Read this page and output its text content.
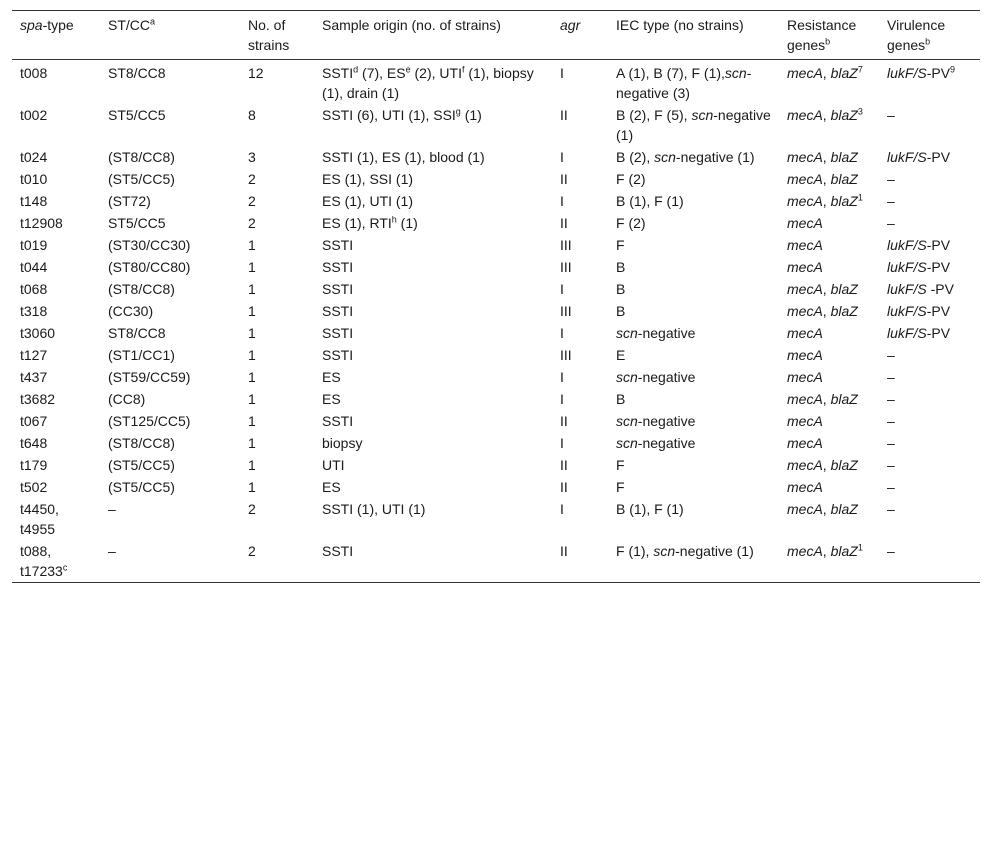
spa-type	$ST/CC^a$	No. of strains	Sample origin (no. of strains)	agr	IEC type (no strains)	Resistance genes$^b$	Virulence genes$^b$
t008	ST8/CC8	12	SSTI$^d$ (7), $ES^e$ (2), UTI$^f$ (1), biopsy (1), drain (1)	I	A (1), B (7), F (1),scn-negative (3)	mecA, blaZ$^7$	lukF/$S-PV^9$
t002	ST5/CC5	8	SSTI (6), UTI (1), SSI$^g$ (1)	II	B (2), F (5), scn-negative (1)	mecA, blaZ$^3$	–
t024	(ST8/CC8)	3	SSTI (1), ES (1), blood (1)	I	B (2), scn-negative (1)	mecA, blaZ	lukF/S-PV
t010	(ST5/CC5)	2	ES (1), SSI (1)	II	F (2)	mecA, blaZ	–
t148	(ST72)	2	ES (1), UTI (1)	I	B (1), F (1)	mecA, blaZ$^1$	–
t12908	ST5/CC5	2	ES (1), RTI$^h$ (1)	II	F (2)	mecA	–
t019	(ST30/CC30)	1	SSTI	III	F	mecA	lukF/S-PV
t044	(ST80/CC80)	1	SSTI	III	B	mecA	lukF/S-PV
t068	(ST8/CC8)	1	SSTI	I	B	mecA, blaZ	lukF/S -PV
t318	(CC30)	1	SSTI	III	B	mecA, blaZ	lukF/S-PV
t3060	ST8/CC8	1	SSTI	I	scn-negative	mecA	lukF/S-PV
t127	(ST1/CC1)	1	SSTI	III	E	mecA	–
t437	(ST59/CC59)	1	ES	I	scn-negative	mecA	–
t3682	(CC8)	1	ES	I	B	mecA, blaZ	–
t067	(ST125/CC5)	1	SSTI	II	scn-negative	mecA	–
t648	(ST8/CC8)	1	biopsy	I	scn-negative	mecA	–
t179	(ST5/CC5)	1	UTI	II	F	mecA, blaZ	–
t502	(ST5/CC5)	1	ES	II	F	mecA	–
t4450, t4955	–	2	SSTI (1), UTI (1)	I	B (1), F (1)	mecA, blaZ	–
t088, t17233$^c$	–	2	SSTI	II	F (1), scn-negative (1)	mecA, blaZ$^1$	–
